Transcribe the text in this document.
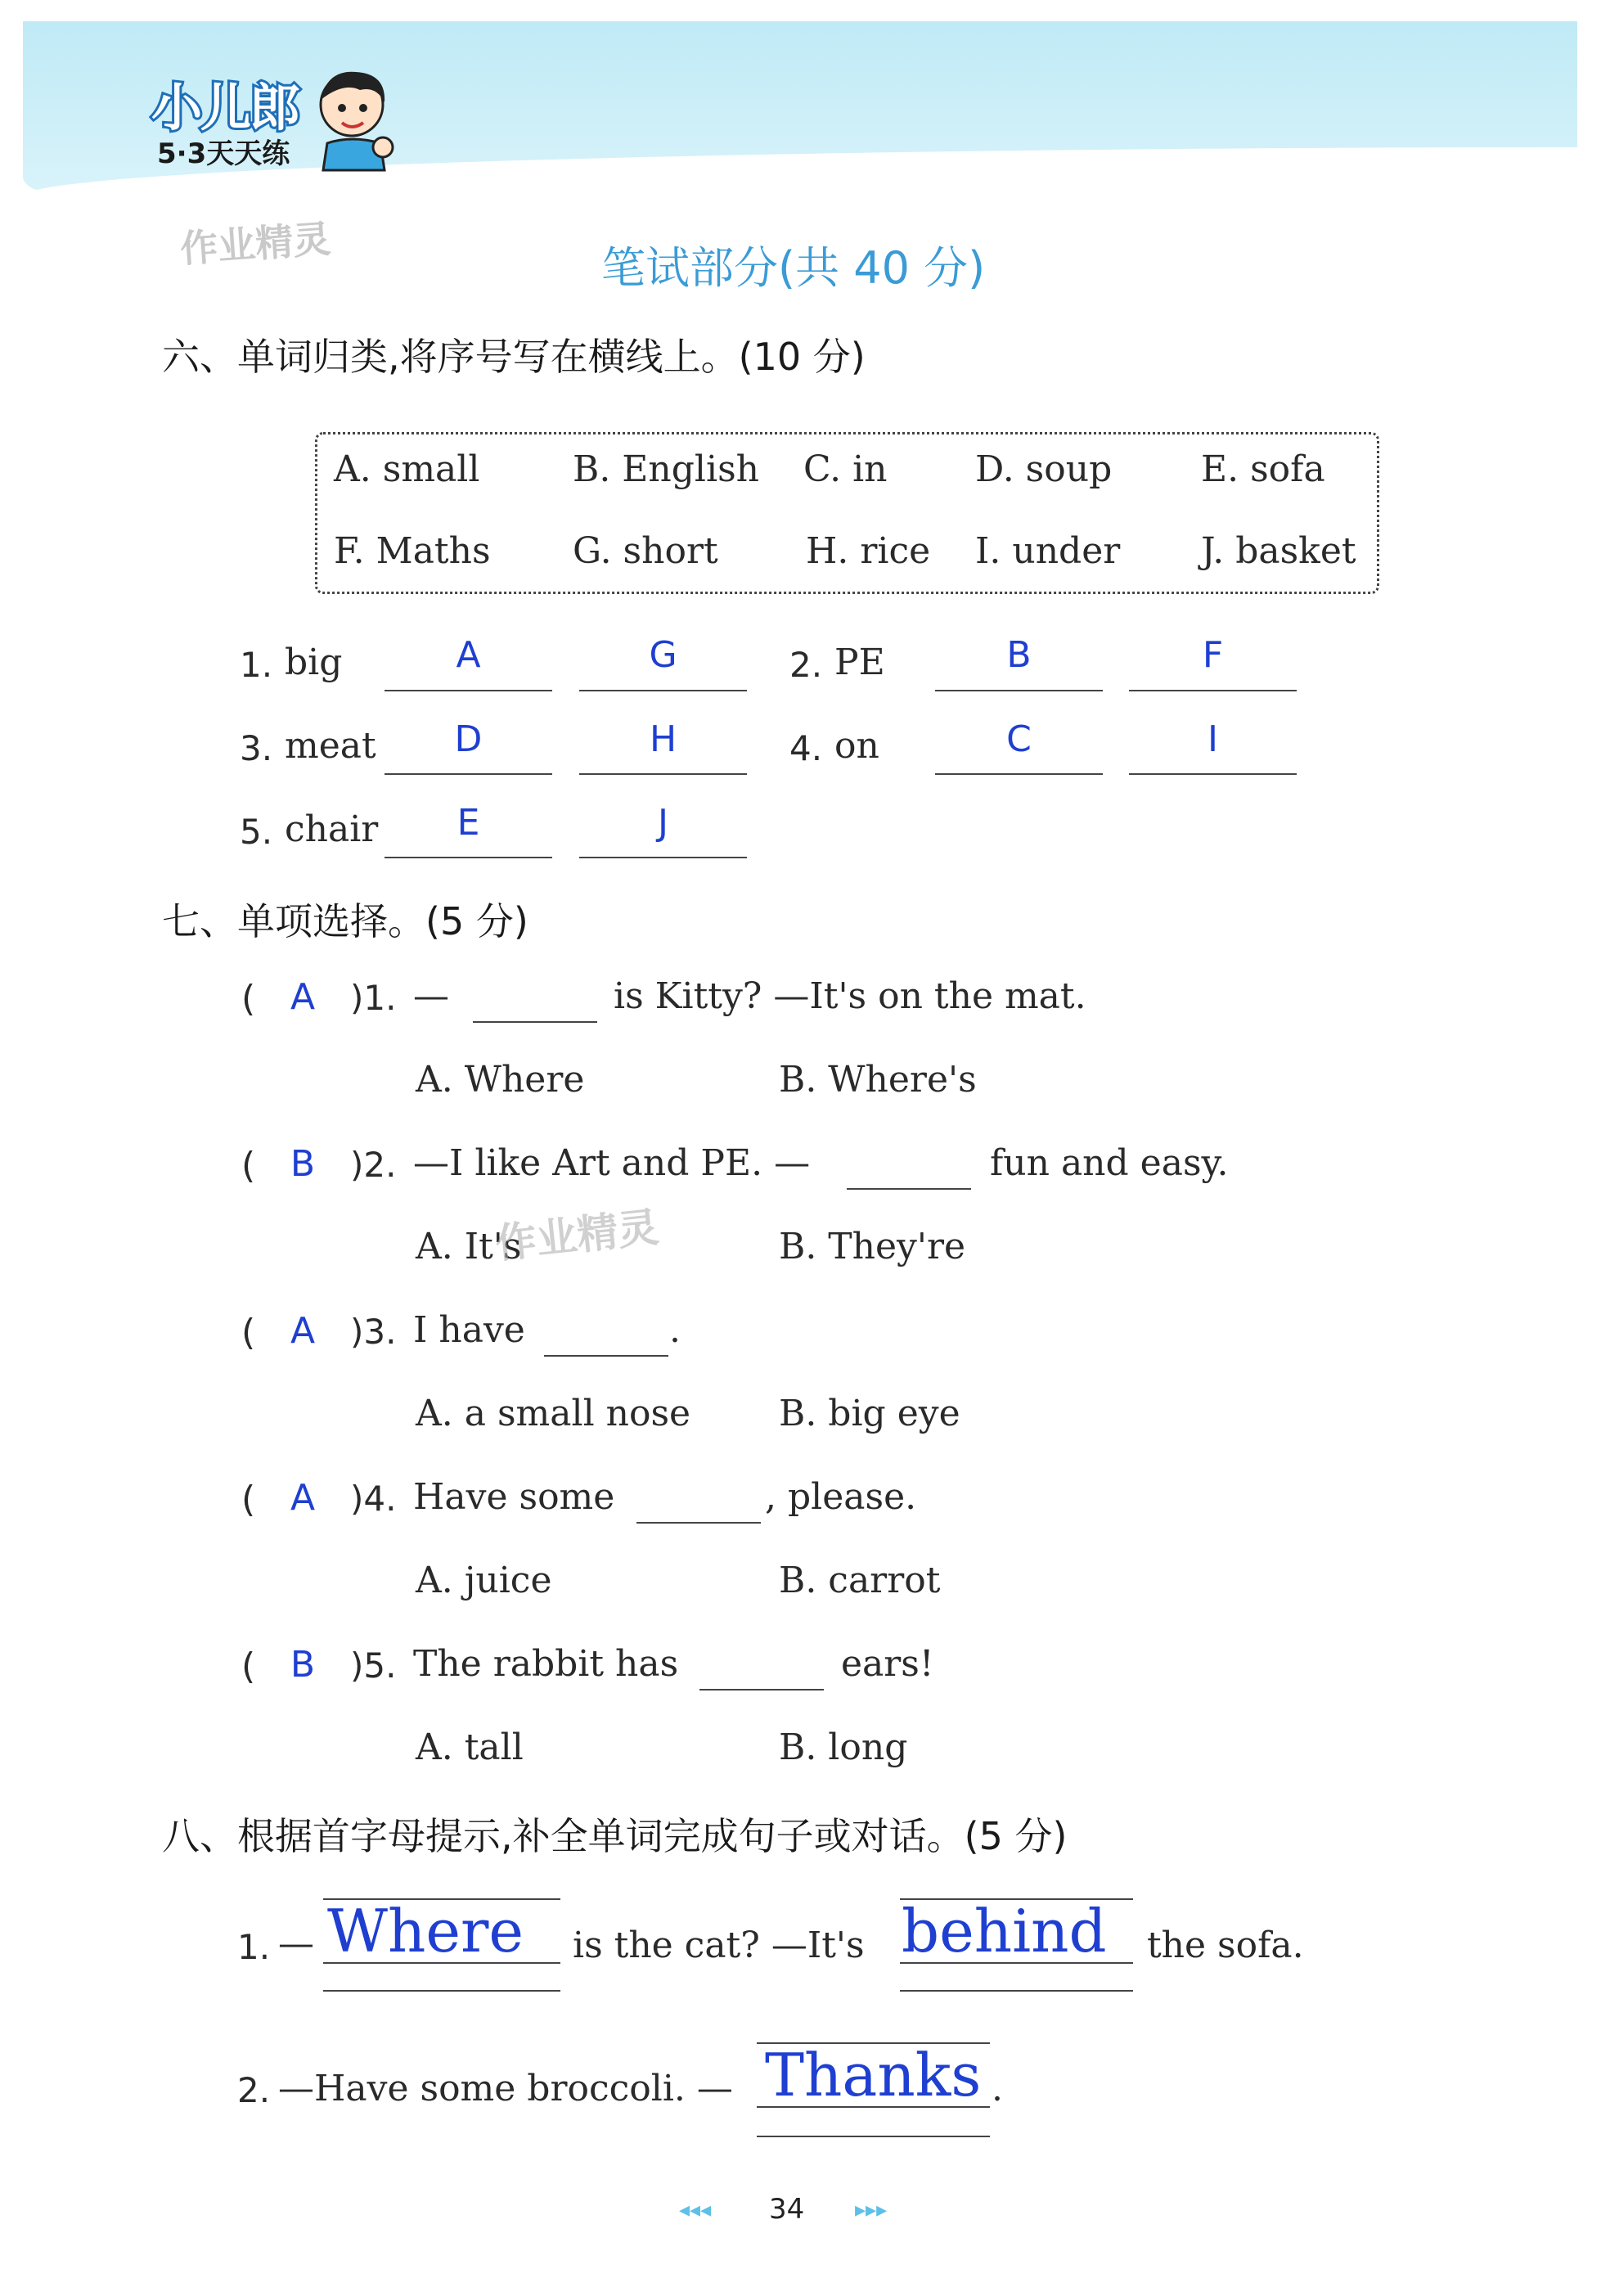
小儿郎
5·3天天练
作业精灵	笔试部分(共 40 分)
六、单词归类,将序号写在横线上。(10 分)
A. small	B. English C. in D. soup E. sofa
F. Maths G. short H. rice I. under J. basket
1. big	A	G	2. PE	B	F
3. meat	D	H	4. on	C	I
5. chair	E	J
七、单项选择。(5 分)
( A )1. —	is Kitty? —It's on the mat.
A. Where	B. Where's
( B )2. —I like Art and PE. —	fun and easy.
A. It's	B. They're
( A )3. I have	.
A. a small nose B. big eye
( A )4. Have some	, please.
A. juice	B. carrot
( B )5. The rabbit has	ears!
A. tall	B. long
作业精灵
八、根据首字母提示,补全单词完成句子或对话。(5 分)
1. — Where is the cat? —It's behind the sofa.
2. —Have some broccoli. — Thanks .
◂◂◂ 34 ▸▸▸
